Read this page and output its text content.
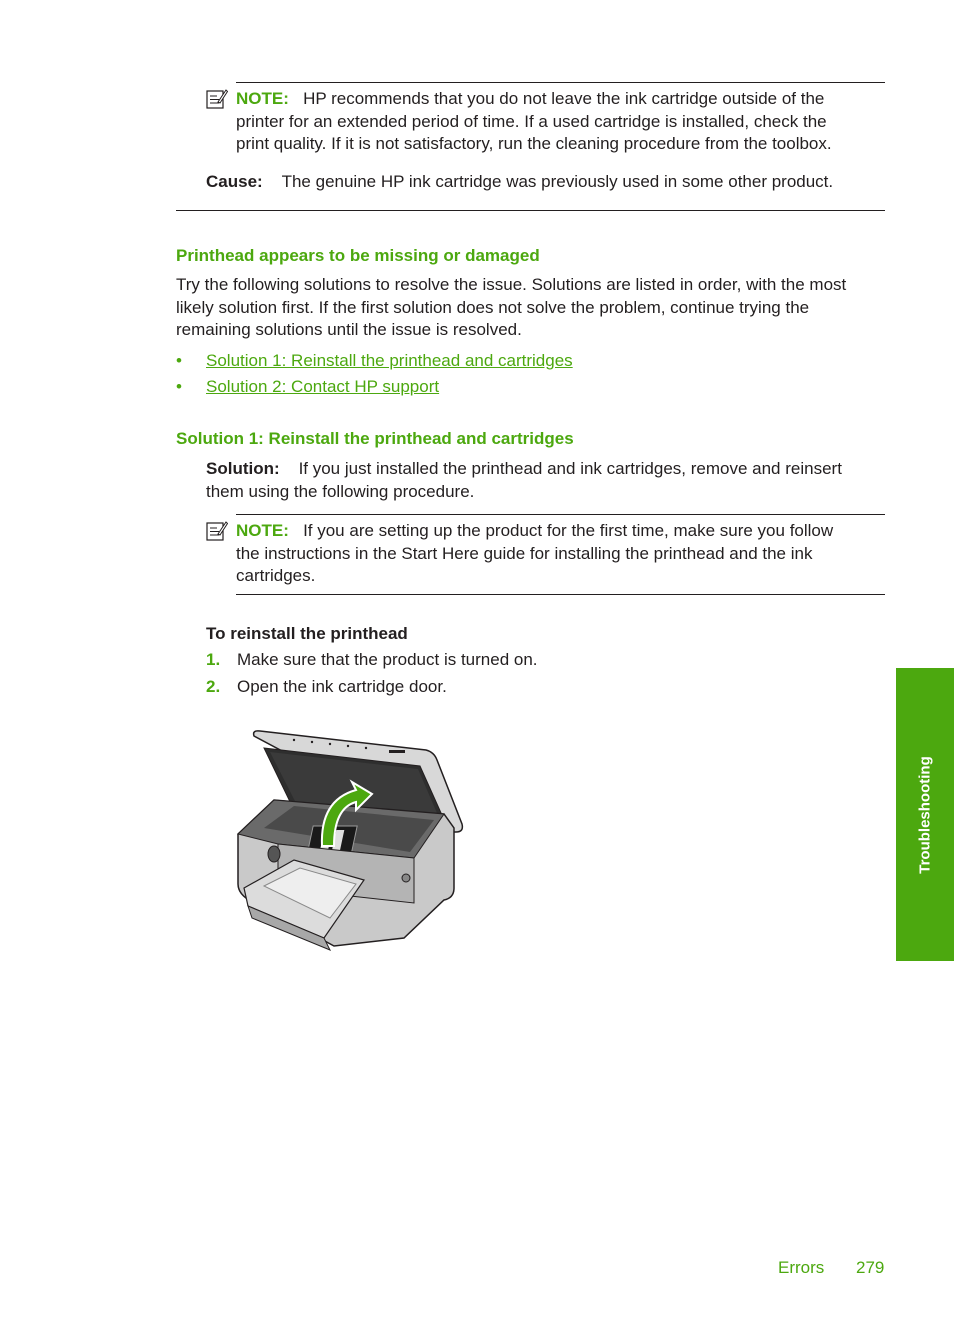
NOTE: HP recommends that you do not leave the ink cartridge outside of the
printer for an extended period of time. If a used cartridge is installed, check the
print quality. If it is not satisfactory, run the cleaning procedure from the toolbox.
Cause: The genuine HP ink cartridge was previously used in some other product.
Printhead appears to be missing or damaged
Try the following solutions to resolve the issue. Solutions are listed in order, with the most
likely solution first. If the first solution does not solve the problem, continue trying the
remaining solutions until the issue is resolved.
• Solution 1: Reinstall the printhead and cartridges
• Solution 2: Contact HP support
Solution 1: Reinstall the printhead and cartridges
Solution: If you just installed the printhead and ink cartridges, remove and reinsert
them using the following procedure.
NOTE: If you are setting up the product for the first time, make sure you follow
the instructions in the Start Here guide for installing the printhead and the ink
cartridges.
To reinstall the printhead
1. Make sure that the product is turned on.
2. Open the ink cartridge door.
Troubleshooting
Errors 279
